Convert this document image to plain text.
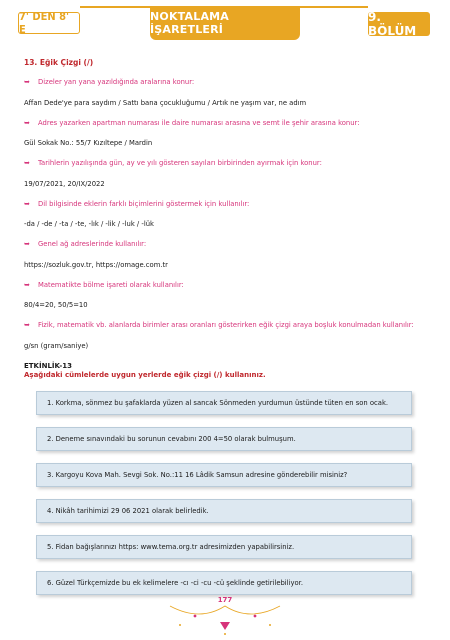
7' DEN 8' E
NOKTALAMA İŞARETLERİ
9. BÖLÜM
13. Eğik Çizgi (/)
➥	Dizeler yan yana yazıldığında aralarına konur:
Affan Dede'ye para saydım / Sattı bana çocukluğumu / Artık ne yaşım var, ne adım
➥	Adres yazarken apartman numarası ile daire numarası arasına ve semt ile şehir arasına konur:
Gül Sokak No.: 55/7 Kızıltepe / Mardin
➥	Tarihlerin yazılışında gün, ay ve yılı gösteren sayıları birbirinden ayırmak için konur:
19/07/2021, 20/IX/2022
➥	Dil bilgisinde eklerin farklı biçimlerini göstermek için kullanılır:
-da / -de / -ta / -te, -lık / -lik / -luk / -lük
➥	Genel ağ adreslerinde kullanılır:
https://sozluk.gov.tr, https://omage.com.tr
➥	Matematikte bölme işareti olarak kullanılır:
80/4=20, 50/5=10
➥	Fizik, matematik vb. alanlarda birimler arası oranları gösterirken eğik çizgi araya boşluk konulmadan kullanılır:
g/sn (gram/saniye)
ETKİNLİK-13
Aşağıdaki cümlelerde uygun yerlerde eğik çizgi (/) kullanınız.
1. Korkma, sönmez bu şafaklarda yüzen al sancak Sönmeden yurdumun üstünde tüten en son ocak.
2. Deneme sınavındaki bu sorunun cevabını 200 4=50 olarak bulmuşum.
3. Kargoyu Kova Mah. Sevgi Sok. No.:11 16 Lâdik Samsun adresine gönderebilir misiniz?
4. Nikâh tarihimizi 29 06 2021 olarak belirledik.
5. Fidan bağışlarınızı https: www.tema.org.tr adresimizden yapabilirsiniz.
6. Güzel Türkçemizde bu ek kelimelere -cı -ci -cu -cü şeklinde getirilebiliyor.
177
